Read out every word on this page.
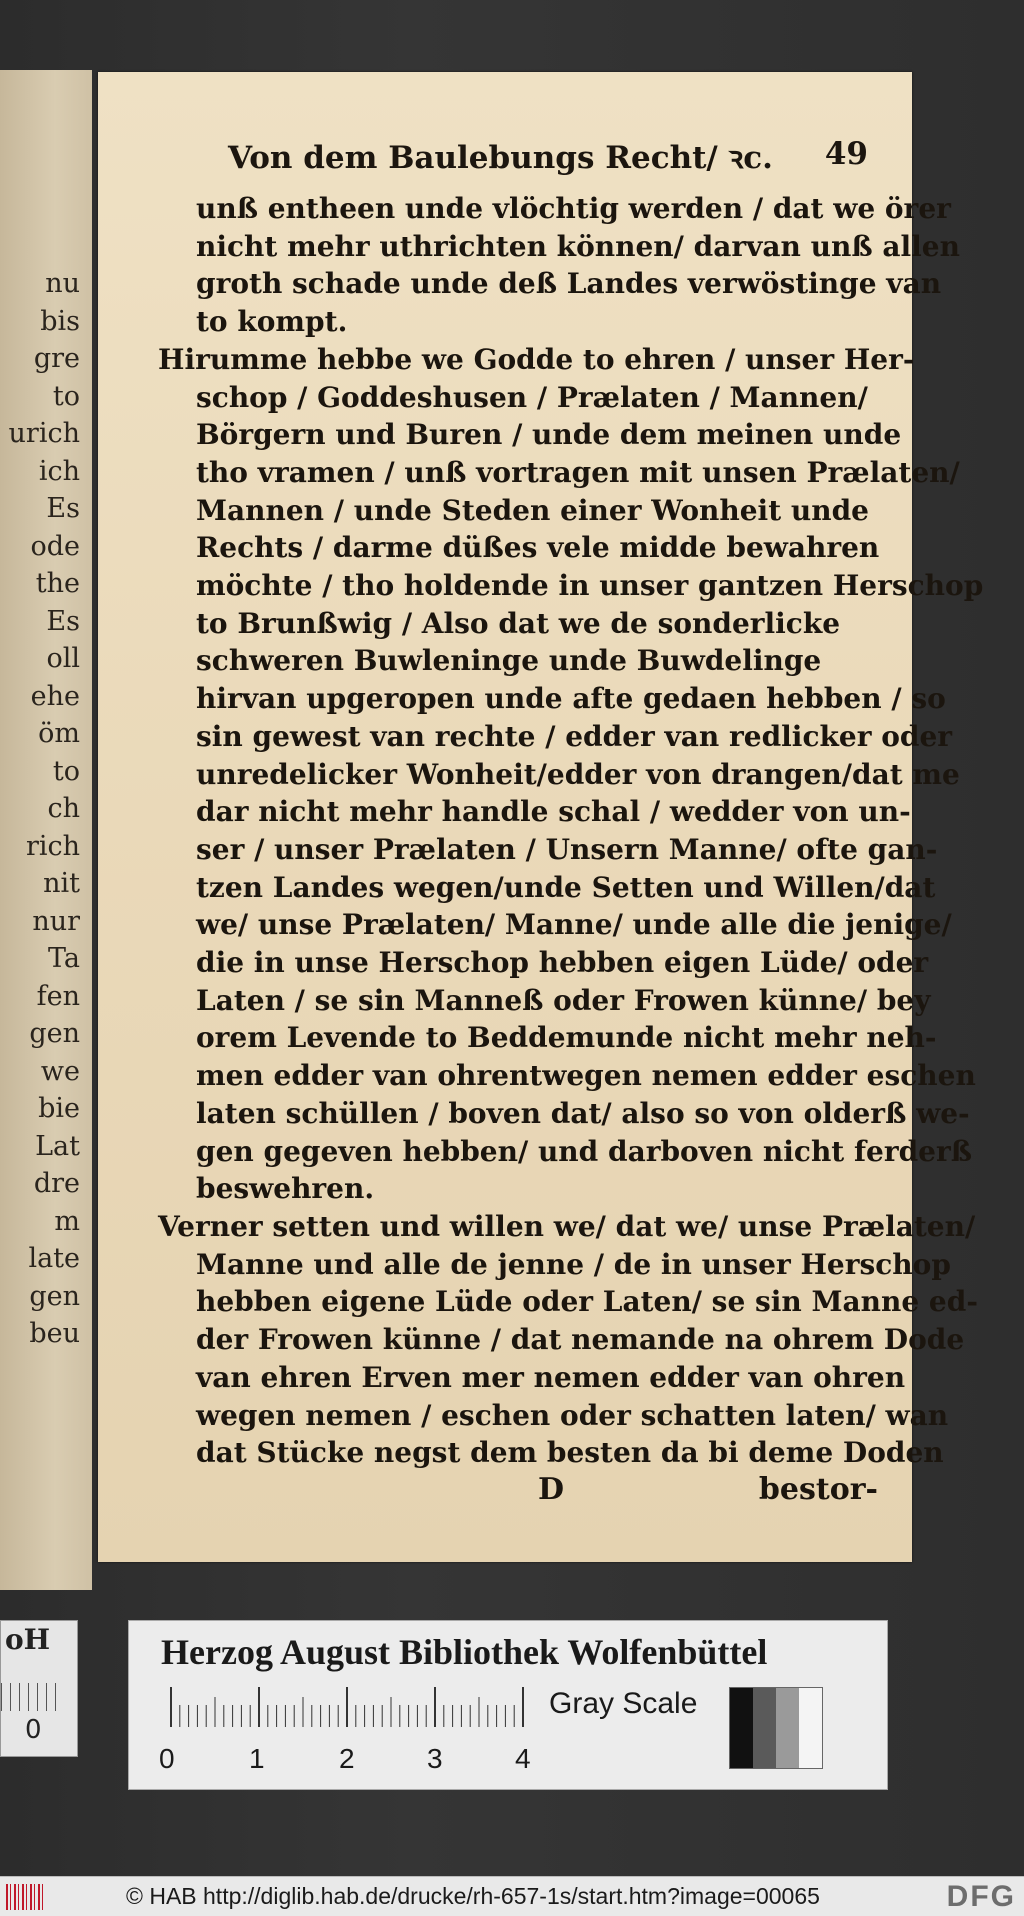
nu
bis
gre
to
urich
ich
Es
ode
the
Es
oll
ehe
öm
to
ch
rich
nit
nur
Ta
fen
gen
we
bie
Lat
dre
m
late
gen
beu
oH
0
Von dem Baulebungs Recht/ ꝛc. 49
unß entheen unde vlöchtig werden / dat we örer
nicht mehr uthrichten können/ darvan unß allen
groth schade unde deß Landes verwöstinge van
to kompt.
Hirumme hebbe we Godde to ehren / unser Her-
schop / Goddeshusen / Prælaten / Mannen/
Börgern und Buren / unde dem meinen unde
tho vramen / unß vortragen mit unsen Prælaten/
Mannen / unde Steden einer Wonheit unde
Rechts / darme düßes vele midde bewahren
möchte / tho holdende in unser gantzen Herschop
to Brunßwig / Also dat we de sonderlicke
schweren Buwleninge unde Buwdelinge
hirvan upgeropen unde afte gedaen hebben / so
sin gewest van rechte / edder van redlicker oder
unredelicker Wonheit/edder von drangen/dat me
dar nicht mehr handle schal / wedder von un-
ser / unser Prælaten / Unsern Manne/ ofte gan-
tzen Landes wegen/unde Setten und Willen/dat
we/ unse Prælaten/ Manne/ unde alle die jenige/
die in unse Herschop hebben eigen Lüde/ oder
Laten / se sin Manneß oder Frowen künne/ bey
orem Levende to Beddemunde nicht mehr neh-
men edder van ohrentwegen nemen edder eschen
laten schüllen / boven dat/ also so von olderß we-
gen gegeven hebben/ und darboven nicht ferderß
beswehren.
Verner setten und willen we/ dat we/ unse Prælaten/
Manne und alle de jenne / de in unser Herschop
hebben eigene Lüde oder Laten/ se sin Manne ed-
der Frowen künne / dat nemande na ohrem Dode
van ehren Erven mer nemen edder van ohren
wegen nemen / eschen oder schatten laten/ wan
dat Stücke negst dem besten da bi deme Doden
D	bestor-
Herzog August Bibliothek Wolfenbüttel
Gray Scale
0	1	2	3	4
© HAB http://diglib.hab.de/drucke/rh-657-1s/start.htm?image=00065	DFG
